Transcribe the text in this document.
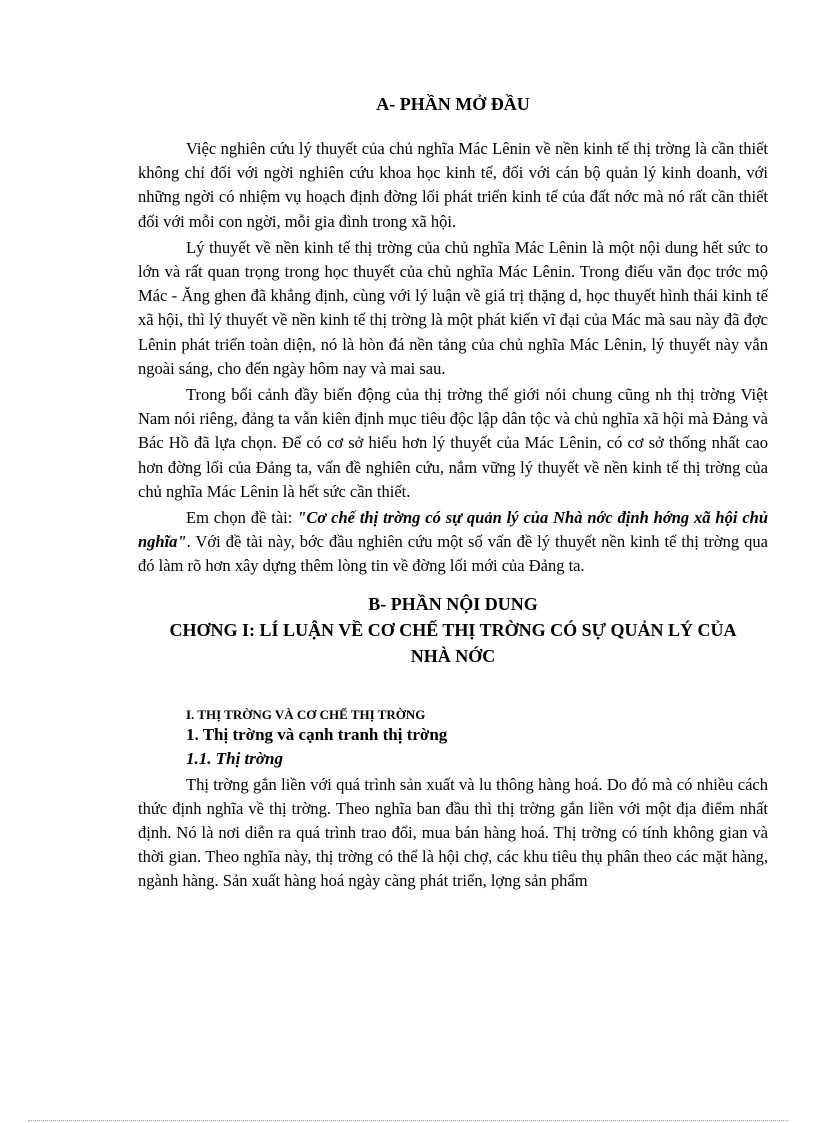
A- PHẦN MỞ ĐẦU

Việc nghiên cứu lý thuyết của chủ nghĩa Mác Lênin về nền kinh tế thị trờng là cần thiết không chỉ đối với ngời nghiên cứu khoa học kinh tế, đối với cán bộ quản lý kinh doanh, với những ngời có nhiệm vụ hoạch định đờng lối phát triển kinh tế của đất nớc mà nó rất cần thiết đối với mỗi con ngời, mỗi gia đình trong xã hội.

Lý thuyết về nền kinh tế thị trờng của chủ nghĩa Mác Lênin là một nội dung hết sức to lớn và rất quan trọng trong học thuyết của chủ nghĩa Mác Lênin. Trong điếu văn đọc trớc mộ Mác - Ăng ghen đã khẳng định, cùng với lý luận về giá trị thặng d, học thuyết hình thái kinh tế xã hội, thì lý thuyết về nền kinh tế thị trờng là một phát kiến vĩ đại của Mác mà sau này đã đợc Lênin phát triển toàn diện, nó là hòn đá nền tảng của chủ nghĩa Mác Lênin, lý thuyết này vẫn ngoài sáng, cho đến ngày hôm nay và mai sau.

Trong bối cảnh đầy biến động của thị trờng thế giới nói chung cũng nh thị trờng Việt Nam nói riêng, đảng ta vẫn kiên định mục tiêu độc lập dân tộc và chủ nghĩa xã hội mà Đảng và Bác Hồ đã lựa chọn. Để có cơ sở hiểu hơn lý thuyết của Mác Lênin, có cơ sở thống nhất cao hơn đờng lối của Đảng ta, vấn đề nghiên cứu, nắm vững lý thuyết về nền kinh tế thị trờng của chủ nghĩa Mác Lênin là hết sức cần thiết.

Em chọn đề tài: "Cơ chế thị trờng có sự quản lý của Nhà nớc định hớng xã hội chủ nghĩa". Với đề tài này, bớc đầu nghiên cứu một số vấn đề lý thuyết nền kinh tế thị trờng qua đó làm rõ hơn xây dựng thêm lòng tin về đờng lối mới của Đảng ta.

B- PHẦN NỘI DUNG
CHƠNG I: LÍ LUẬN VỀ CƠ CHẾ THỊ TRỜNG CÓ SỰ QUẢN LÝ CỦA NHÀ NỚC
I. THỊ TRỜNG VÀ CƠ CHẾ THỊ TRỜNG
1. Thị trờng và cạnh tranh thị trờng
1.1. Thị trờng

Thị trờng gắn liền với quá trình sản xuất và lu thông hàng hoá. Do đó mà có nhiều cách thức định nghĩa về thị trờng. Theo nghĩa ban đầu thì thị trờng gắn liền với một địa điểm nhất định. Nó là nơi diễn ra quá trình trao đổi, mua bán hàng hoá. Thị trờng có tính không gian và thời gian. Theo nghĩa này, thị trờng có thể là hội chợ, các khu tiêu thụ phân theo các mặt hàng, ngành hàng. Sản xuất hàng hoá ngày càng phát triển, lợng sản phẩm
